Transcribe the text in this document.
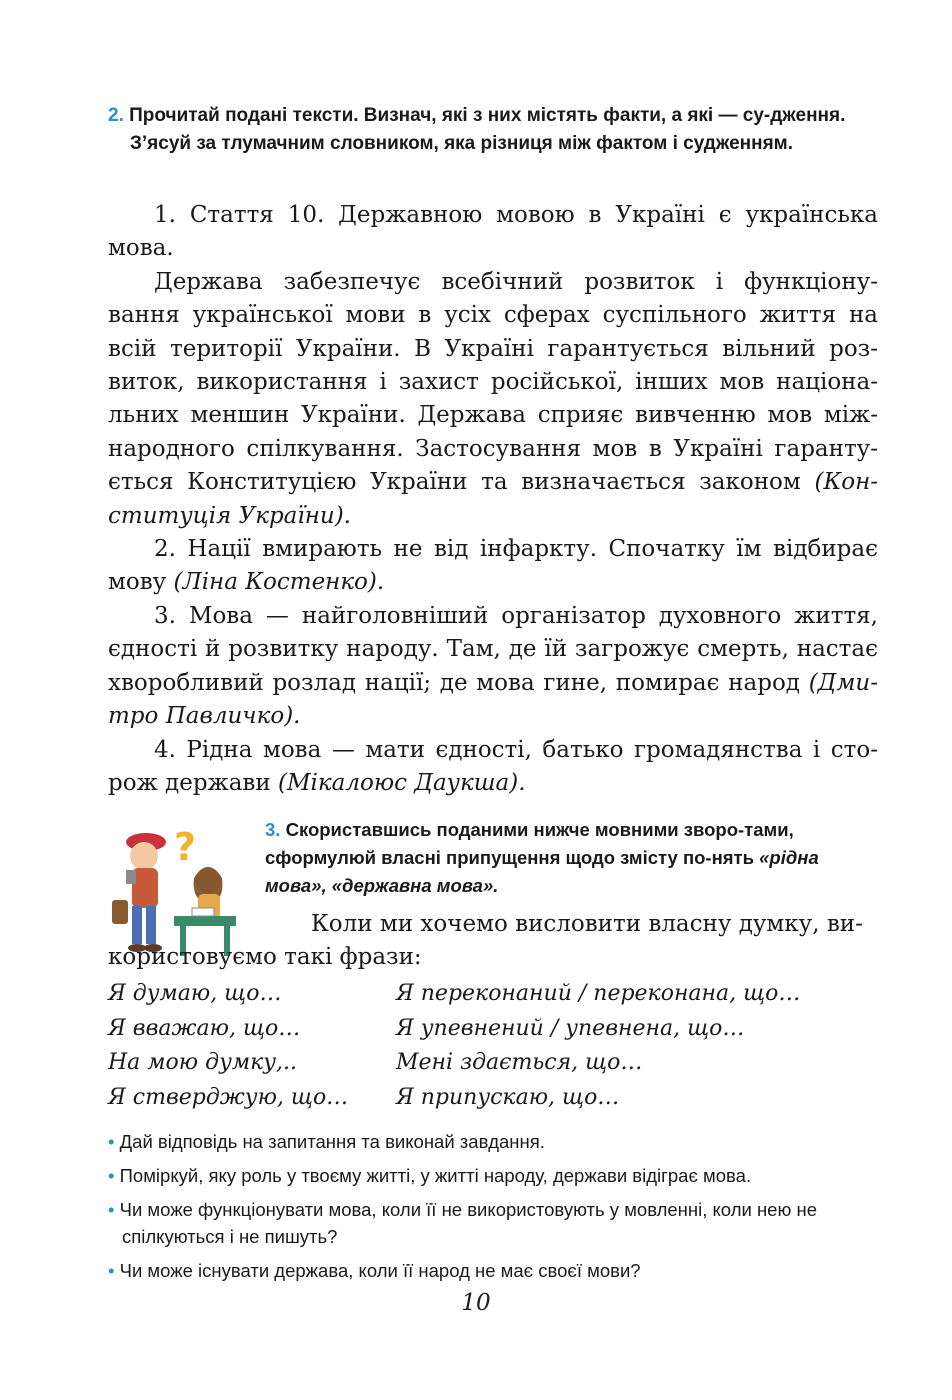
2. Прочитай подані тексти. Визнач, які з них містять факти, а які — су-дження. З’ясуй за тлумачним словником, яка різниця між фактом і судженням.

1. Стаття 10. Державною мовою в Україні є українська мова.

Держава забезпечує всебічний розвиток і функціону-вання української мови в усіх сферах суспільного життя на всій території України. В Україні гарантується вільний роз-виток, використання і захист російської, інших мов націона-льних меншин України. Держава сприяє вивченню мов між-народного спілкування. Застосування мов в Україні гаранту-ється Конституцією України та визначається законом (Кон-ституція України).

2. Нації вмирають не від інфаркту. Спочатку їм відбирає мову (Ліна Костенко).

3. Мова — найголовніший організатор духовного життя, єдності й розвитку народу. Там, де їй загрожує смерть, настає хворобливий розлад нації; де мова гине, помирає народ (Дми-тро Павличко).

4. Рідна мова — мати єдності, батько громадянства і сто-рож держави (Мікалоюс Даукша).

?	3. Скориставшись поданими нижче мовними зворо-тами, сформулюй власні припущення щодо змісту по-нять «рідна мова», «державна мова».

Коли ми хочемо висловити власну думку, ви-

користовуємо такі фрази:
Я думаю, що…	Я переконаний / переконана, що…
Я вважаю, що…	Я упевнений / упевнена, що…
На мою думку,..	Мені здається, що…
Я стверджую, що…	Я припускаю, що…

• Дай відповідь на запитання та виконай завдання.

• Поміркуй, яку роль у твоєму житті, у житті народу, держави відіграє мова.

• Чи може функціонувати мова, коли її не використовують у мовленні, коли нею не спілкуються і не пишуть?

• Чи може існувати держава, коли її народ не має своєї мови?

10
